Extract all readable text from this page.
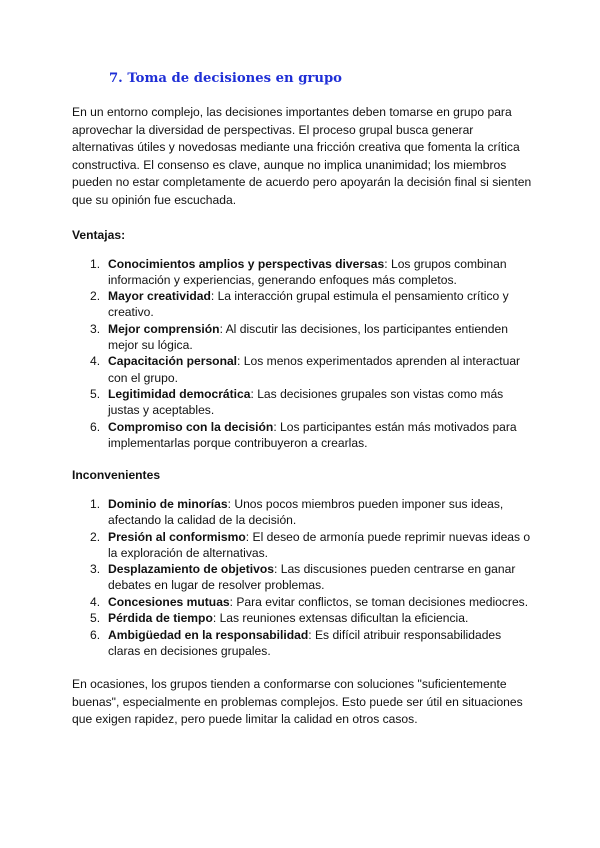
7. Toma de decisiones en grupo

En un entorno complejo, las decisiones importantes deben tomarse en grupo para aprovechar la diversidad de perspectivas. El proceso grupal busca generar alternativas útiles y novedosas mediante una fricción creativa que fomenta la crítica constructiva. El consenso es clave, aunque no implica unanimidad; los miembros pueden no estar completamente de acuerdo pero apoyarán la decisión final si sienten que su opinión fue escuchada.

Ventajas:

1. Conocimientos amplios y perspectivas diversas: Los grupos combinan información y experiencias, generando enfoques más completos.
2. Mayor creatividad: La interacción grupal estimula el pensamiento crítico y creativo.
3. Mejor comprensión: Al discutir las decisiones, los participantes entienden mejor su lógica.
4. Capacitación personal: Los menos experimentados aprenden al interactuar con el grupo.
5. Legitimidad democrática: Las decisiones grupales son vistas como más justas y aceptables.
6. Compromiso con la decisión: Los participantes están más motivados para implementarlas porque contribuyeron a crearlas.

Inconvenientes

1. Dominio de minorías: Unos pocos miembros pueden imponer sus ideas, afectando la calidad de la decisión.
2. Presión al conformismo: El deseo de armonía puede reprimir nuevas ideas o la exploración de alternativas.
3. Desplazamiento de objetivos: Las discusiones pueden centrarse en ganar debates en lugar de resolver problemas.
4. Concesiones mutuas: Para evitar conflictos, se toman decisiones mediocres.
5. Pérdida de tiempo: Las reuniones extensas dificultan la eficiencia.
6. Ambigüedad en la responsabilidad: Es difícil atribuir responsabilidades claras en decisiones grupales.

En ocasiones, los grupos tienden a conformarse con soluciones "suficientemente buenas", especialmente en problemas complejos. Esto puede ser útil en situaciones que exigen rapidez, pero puede limitar la calidad en otros casos.
